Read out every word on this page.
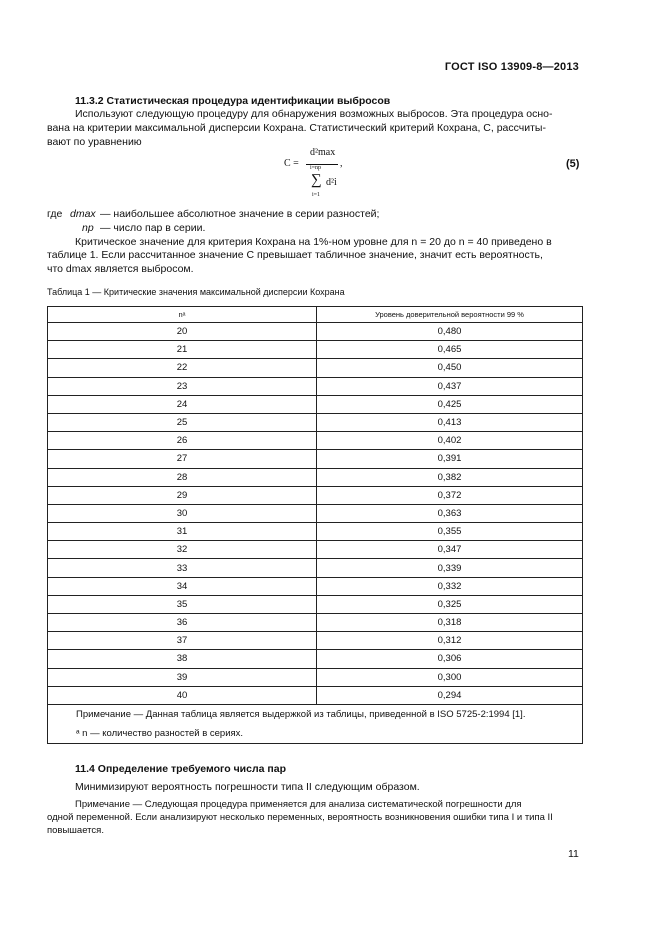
ГОСТ ISO 13909-8—2013
11.3.2 Статистическая процедура идентификации выбросов
Используют следующую процедуру для обнаружения возможных выбросов. Эта процедура осно-
вана на критерии максимальной дисперсии Кохрана. Статистический критерий Кохрана, С, рассчиты-
вают по уравнению
C =
d²max
i=np
∑ d²i
i=1
,	(5)
где dmax — наибольшее абсолютное значение в серии разностей;
np — число пар в серии.
Критическое значение для критерия Кохрана на 1%-ном уровне для n = 20 до n = 40 приведено в
таблице 1. Если рассчитанное значение С превышает табличное значение, значит есть вероятность,
что dmax является выбросом.
Таблица 1 — Критические значения максимальной дисперсии Кохрана
nᵃ	Уровень доверительной вероятности 99 %
20	0,480
21	0,465
22	0,450
23	0,437
24	0,425
25	0,413
26	0,402
27	0,391
28	0,382
29	0,372
30	0,363
31	0,355
32	0,347
33	0,339
34	0,332
35	0,325
36	0,318
37	0,312
38	0,306
39	0,300
40	0,294
Примечание — Данная таблица является выдержкой из таблицы, приведенной в ISO 5725-2:1994 [1].	
ᵃ n — количество разностей в сериях.	
11.4 Определение требуемого числа пар
Минимизируют вероятность погрешности типа II следующим образом.
Примечание — Следующая процедура применяется для анализа систематической погрешности для
одной переменной. Если анализируют несколько переменных, вероятность возникновения ошибки типа I и типа II
повышается.
11
